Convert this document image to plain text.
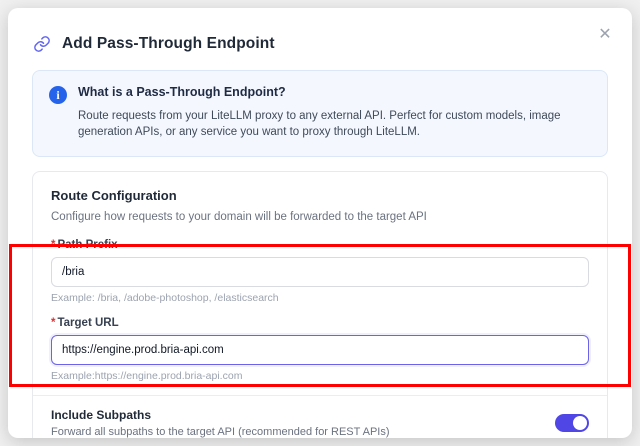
Add Pass-Through Endpoint
✕
i	What is a Pass-Through Endpoint?
Route requests from your LiteLLM proxy to any external API. Perfect for custom models, image generation APIs, or any service you want to proxy through LiteLLM.
Route Configuration
Configure how requests to your domain will be forwarded to the target API
* Path Prefix
/bria
Example: /bria, /adobe-photoshop, /elasticsearch
* Target URL
https://engine.prod.bria-api.com
Example:https://engine.prod.bria-api.com
Include Subpaths
Forward all subpaths to the target API (recommended for REST APIs)
